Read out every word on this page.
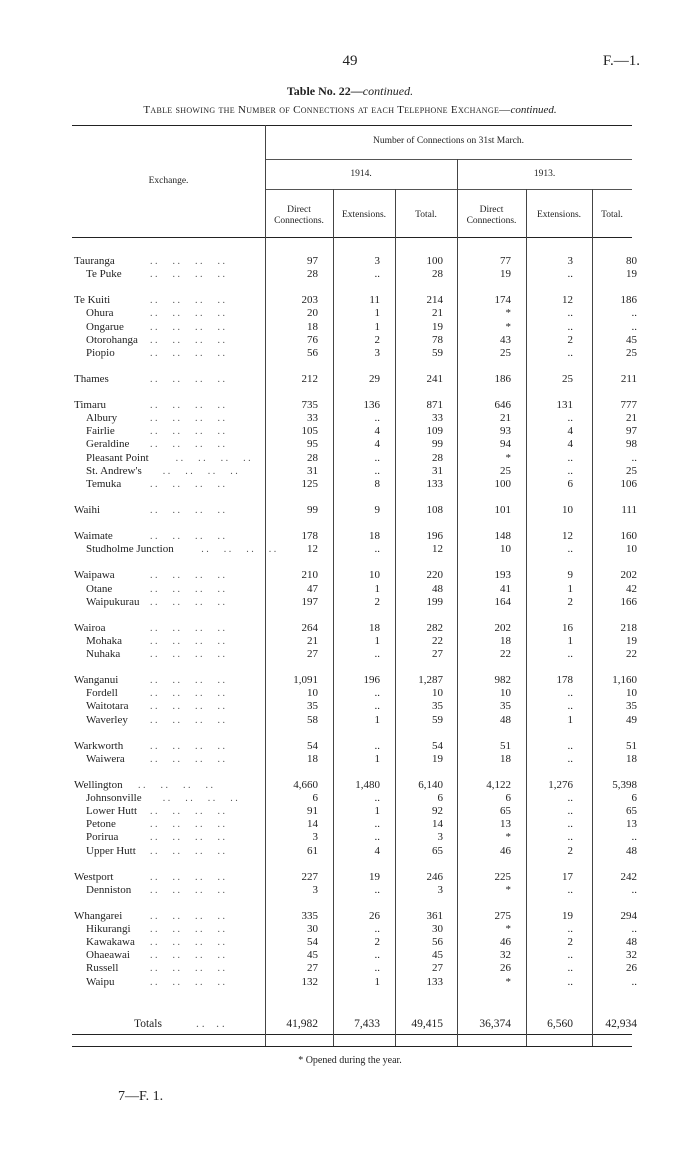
49	F.—1.
Table No. 22—continued.
Table showing the Number of Connections at each Telephone Exchange—continued.
Exchange.
Number of Connections on 31st March.
1914.	1913.
Direct
Connections.
Extensions.	Total.	Direct
Connections.
Extensions.	Total.
Tauranga	. .      . .      . .      . .	97	3	100	77	3	80
Te Puke	. .      . .      . .      . .	28	..	28	19	..	19
Te Kuiti	. .      . .      . .      . .	203	11	214	174	12	186
Ohura	. .      . .      . .      . .	20	1	21	*	..	..
Ongarue	. .      . .      . .      . .	18	1	19	*	..	..
Otorohanga . .      . .      . .      . .	76	2	78	43	2	45
Piopio	. .      . .      . .      . .	56	3	59	25	..	25
Thames	. .      . .      . .      . .	212	29	241	186	25	211
Timaru	. .      . .      . .      . .	735	136	871	646	131	777
Albury	. .      . .      . .      . .	33	..	33	21	..	21
Fairlie	. .      . .      . .      . .	105	4	109	93	4	97
Geraldine . .      . .      . .      . .	95	4	99	94	4	98
Pleasant Point	. .      . .      . .      . .	28	..	28	*	..	..
St. Andrew's . .      . .      . .      . .	31	..	31	25	..	25
Temuka	. .      . .      . .      . .	125	8	133	100	6	106
Waihi	. .      . .      . .      . .	99	9	108	101	10	111
Waimate	. .      . .      . .      . .	178	18	196	148	12	160
Studholme Junction	. .      . .      . .      . .	12	..	12	10	..	10
Waipawa	. .      . .      . .      . .	210	10	220	193	9	202
Otane	. .      . .      . .      . .	47	1	48	41	1	42
Waipukurau . .      . .      . .      . .	197	2	199	164	2	166
Wairoa	. .      . .      . .      . .	264	18	282	202	16	218
Mohaka	. .      . .      . .      . .	21	1	22	18	1	19
Nuhaka	. .      . .      . .      . .	27	..	27	22	..	22
Wanganui	. .      . .      . .      . .	1,091	196	1,287	982	178	1,160
Fordell	. .      . .      . .      . .	10	..	10	10	..	10
Waitotara . .      . .      . .      . .	35	..	35	35	..	35
Waverley . .      . .      . .      . .	58	1	59	48	1	49
Warkworth	. .      . .      . .      . .	54	..	54	51	..	51
Waiwera	. .      . .      . .      . .	18	1	19	18	..	18
Wellington . .      . .      . .      . .	4,660	1,480	6,140	4,122	1,276	5,398
Johnsonville . .      . .      . .      . .	6	..	6	6	..	6
Lower Hutt . .      . .      . .      . .	91	1	92	65	..	65
Petone	. .      . .      . .      . .	14	..	14	13	..	13
Porirua	. .      . .      . .      . .	3	..	3	*	..	..
Upper Hutt . .      . .      . .      . .	61	4	65	46	2	48
Westport	. .      . .      . .      . .	227	19	246	225	17	242
Denniston . .      . .      . .      . .	3	..	3	*	..	..
Whangarei	. .      . .      . .      . .	335	26	361	275	19	294
Hikurangi . .      . .      . .      . .	30	..	30	*	..	..
Kawakawa . .      . .      . .      . .	54	2	56	46	2	48
Ohaeawai . .      . .      . .      . .	45	..	45	32	..	32
Russell	. .      . .      . .      . .	27	..	27	26	..	26
Waipu	. .      . .      . .      . .	132	1	133	*	..	..
Totals	. .    . .	41,982	7,433	49,415	36,374	6,560	42,934
* Opened during the year.
7—F. 1.
